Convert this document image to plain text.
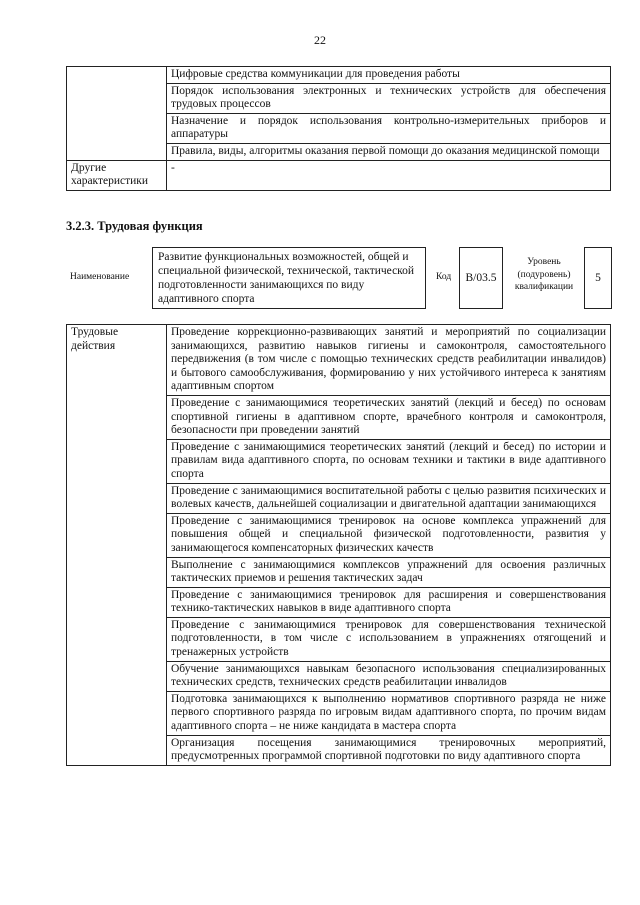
22
	Цифровые средства коммуникации для проведения работы
	Порядок использования электронных и технических устройств для обеспечения трудовых процессов
	Назначение и порядок использования контрольно-измерительных приборов и аппаратуры
	Правила, виды, алгоритмы оказания первой помощи до оказания медицинской помощи
Другие характеристики	-
3.2.3. Трудовая функция
Наименование
Развитие функциональных возможностей, общей и специальной физической, технической, тактической подготовленности занимающихся по виду адаптивного спорта
Код	B/03.5
Уровень (подуровень) квалификации
5
Трудовые действия	Проведение коррекционно-развивающих занятий и мероприятий по социализации занимающихся, развитию навыков гигиены и самоконтроля, самостоятельного передвижения (в том числе с помощью технических средств реабилитации инвалидов) и бытового самообслуживания, формированию у них устойчивого интереса к занятиям адаптивным спортом
Проведение с занимающимися теоретических занятий (лекций и бесед) по основам спортивной гигиены в адаптивном спорте, врачебного контроля и самоконтроля, безопасности при проведении занятий
Проведение с занимающимися теоретических занятий (лекций и бесед) по истории и правилам вида адаптивного спорта, по основам техники и тактики в виде адаптивного спорта
Проведение с занимающимися воспитательной работы с целью развития психических и волевых качеств, дальнейшей социализации и двигательной адаптации занимающихся
Проведение с занимающимися тренировок на основе комплекса упражнений для повышения общей и специальной физической подготовленности, развития у занимающегося компенсаторных физических качеств
Выполнение с занимающимися комплексов упражнений для освоения различных тактических приемов и решения тактических задач
Проведение с занимающимися тренировок для расширения и совершенствования технико-тактических навыков в виде адаптивного спорта
Проведение с занимающимися тренировок для совершенствования технической подготовленности, в том числе с использованием в упражнениях отягощений и тренажерных устройств
Обучение занимающихся навыкам безопасного использования специализированных технических средств, технических средств реабилитации инвалидов
Подготовка занимающихся к выполнению нормативов спортивного разряда не ниже первого спортивного разряда по игровым видам адаптивного спорта, по прочим видам адаптивного спорта – не ниже кандидата в мастера спорта
Организация посещения занимающимися тренировочных мероприятий, предусмотренных программой спортивной подготовки по виду адаптивного спорта
